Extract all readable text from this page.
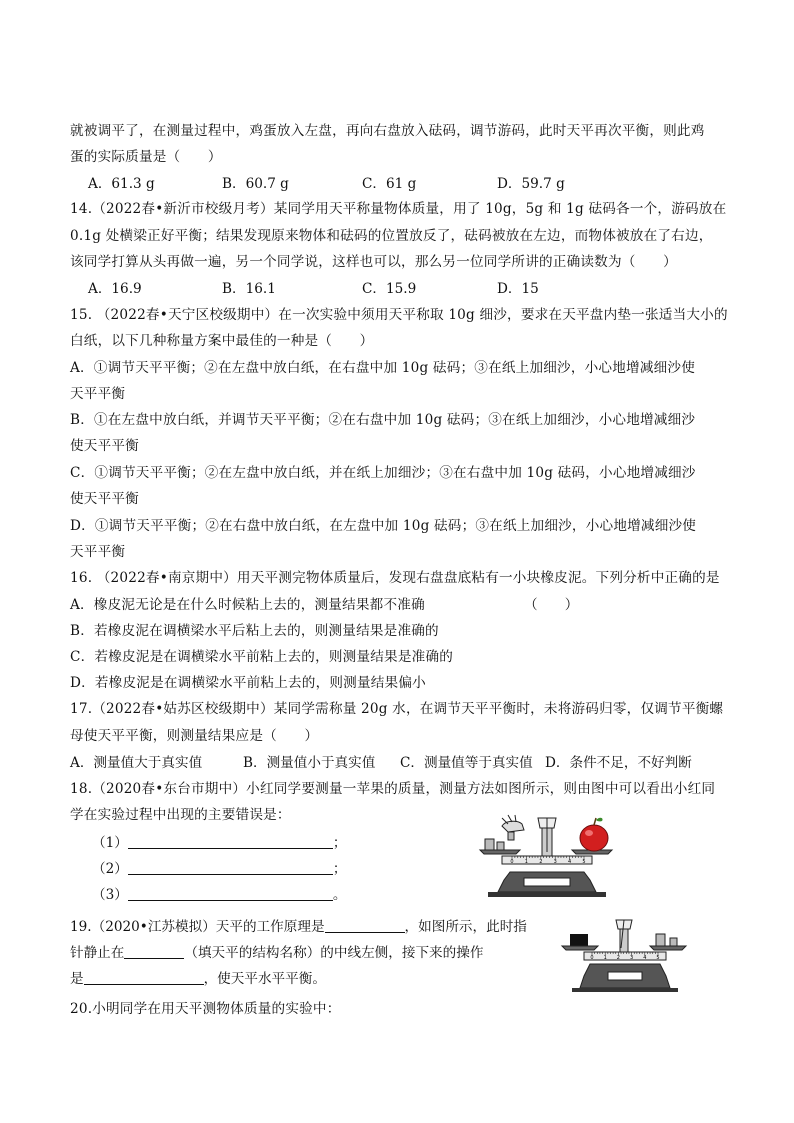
就被调平了，在测量过程中，鸡蛋放入左盘，再向右盘放入砝码，调节游码，此时天平再次平衡，则此鸡
蛋的实际质量是（　　）
A．61.3 g	B．60.7 g	C．61 g	D．59.7 g
14.（2022春•新沂市校级月考）某同学用天平称量物体质量，用了 10g，5g 和 1g 砝码各一个，游码放在
0.1g 处横梁正好平衡；结果发现原来物体和砝码的位置放反了，砝码被放在左边，而物体被放在了右边，
该同学打算从头再做一遍，另一个同学说，这样也可以，那么另一位同学所讲的正确读数为（　　）
A．16.9	B．16.1	C．15.9	D．15
15. （2022春•天宁区校级期中）在一次实验中须用天平称取 10g 细沙，要求在天平盘内垫一张适当大小的
白纸，以下几种称量方案中最佳的一种是（　　）
A．①调节天平平衡；②在左盘中放白纸，在右盘中加 10g 砝码；③在纸上加细沙，小心地增减细沙使
天平平衡
B．①在左盘中放白纸，并调节天平平衡；②在右盘中加 10g 砝码；③在纸上加细沙，小心地增减细沙
使天平平衡
C．①调节天平平衡；②在左盘中放白纸，并在纸上加细沙；③在右盘中加 10g 砝码，小心地增减细沙
使天平平衡
D．①调节天平平衡；②在右盘中放白纸，在左盘中加 10g 砝码；③在纸上加细沙，小心地增减细沙使
天平平衡
16. （2022春•南京期中）用天平测完物体质量后，发现右盘盘底粘有一小块橡皮泥。下列分析中正确的是
A．橡皮泥无论是在什么时候粘上去的，测量结果都不准确	（　　）
B．若橡皮泥在调横梁水平后粘上去的，则测量结果是准确的
C．若橡皮泥是在调横梁水平前粘上去的，则测量结果是准确的
D．若橡皮泥是在调横梁水平前粘上去的，则测量结果偏小
17.（2022春•姑苏区校级期中）某同学需称量 20g 水，在调节天平平衡时，未将游码归零，仅调节平衡螺
母使天平平衡，则测量结果应是（　　）
A．测量值大于真实值	B．测量值小于真实值 C．测量值等于真实值 D．条件不足，不好判断
18.（2020春•东台市期中）小红同学要测量一苹果的质量，测量方法如图所示，则由图中可以看出小红同
学在实验过程中出现的主要错误是：
（1）	；
（2）	；
（3）	。
0 1 2 3 4 5
19.（2020•江苏模拟）天平的工作原理是	，如图所示，此时指
针静止在	（填天平的结构名称）的中线左侧，接下来的操作
是	，使天平水平平衡。
0 1 2 3 4 5
20.小明同学在用天平测物体质量的实验中：
